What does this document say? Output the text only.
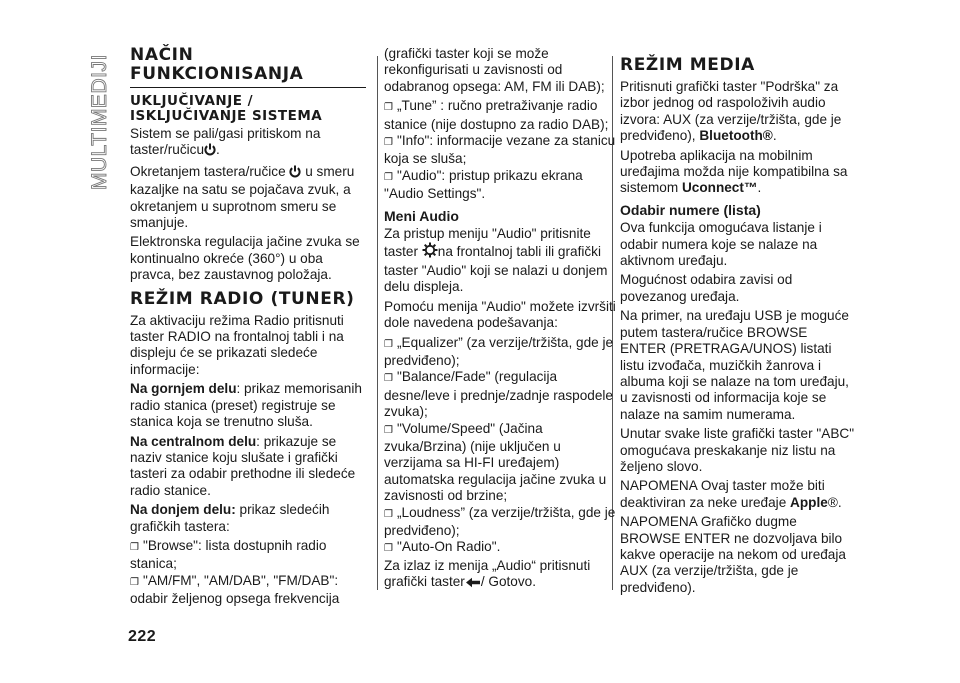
MULTIMEDIJI NAČIN FUNKCIONISANJA
UKLJUČIVANJE / ISKLJUČIVANJE SISTEMA

Sistem se pali/gasi pritiskom na taster/ručicu .

Okretanjem tastera/ručice u smeru kazaljke na satu se pojačava zvuk, a okretanjem u suprotnom smeru se smanjuje.

Elektronska regulacija jačine zvuka se kontinualno okreće (360°) u oba pravca, bez zaustavnog položaja.

REŽIM RADIO (TUNER)

Za aktivaciju režima Radio pritisnuti taster RADIO na frontalnoj tabli i na displeju će se prikazati sledeće informacije:

Na gornjem delu: prikaz memorisanih radio stanica (preset) registruje se stanica koja se trenutno sluša.

Na centralnom delu: prikazuje se naziv stanice koju slušate i grafički tasteri za odabir prethodne ili sledeće radio stanice.

Na donjem delu: prikaz sledećih grafičkih tastera:

❐ "Browse": lista dostupnih radio stanica;
❐ "AM/FM", "AM/DAB", "FM/DAB": odabir željenog opsega frekvencija

(grafički taster koji se može rekonfigurisati u zavisnosti od odabranog opsega: AM, FM ili DAB);

❐ „Tune” : ručno pretraživanje radio stanice (nije dostupno za radio DAB);
❐ "Info": informacije vezane za stanicu koja se sluša;
❐ "Audio": pristup prikazu ekrana "Audio Settings".
Meni Audio

Za pristup meniju "Audio" pritisnite taster na frontalnoj tabli ili grafički taster "Audio" koji se nalazi u donjem delu displeja.

Pomoću menija "Audio" možete izvršiti dole navedena podešavanja:

❐ „Equalizer” (za verzije/tržišta, gde je predviđeno);
❐ "Balance/Fade" (regulacija desne/leve i prednje/zadnje raspodele zvuka);
❐ "Volume/Speed" (Jačina zvuka/Brzina) (nije uključen u verzijama sa HI-FI uređajem) automatska regulacija jačine zvuka u zavisnosti od brzine;
❐ „Loudness” (za verzije/tržišta, gde je predviđeno);
❐ "Auto-On Radio".

Za izlaz iz menija „Audio“ pritisnuti grafički taster / Gotovo.

REŽIM MEDIA

Pritisnuti grafički taster "Podrška" za izbor jednog od raspoloživih audio izvora: AUX (za verzije/tržišta, gde je predviđeno), Bluetooth®.

Upotreba aplikacija na mobilnim uređajima možda nije kompatibilna sa sistemom Uconnect™.

Odabir numere (lista)

Ova funkcija omogućava listanje i odabir numera koje se nalaze na aktivnom uređaju.

Mogućnost odabira zavisi od povezanog uređaja.

Na primer, na uređaju USB je moguće putem tastera/ručice BROWSE ENTER (PRETRAGA/UNOS) listati listu izvođača, muzičkih žanrova i albuma koji se nalaze na tom uređaju, u zavisnosti od informacija koje se nalaze na samim numerama.

Unutar svake liste grafički taster "ABC" omogućava preskakanje niz listu na željeno slovo.

NAPOMENA Ovaj taster može biti deaktiviran za neke uređaje Apple®.

NAPOMENA Grafičko dugme BROWSE ENTER ne dozvoljava bilo kakve operacije na nekom od uređaja AUX (za verzije/tržišta, gde je predviđeno).

222
